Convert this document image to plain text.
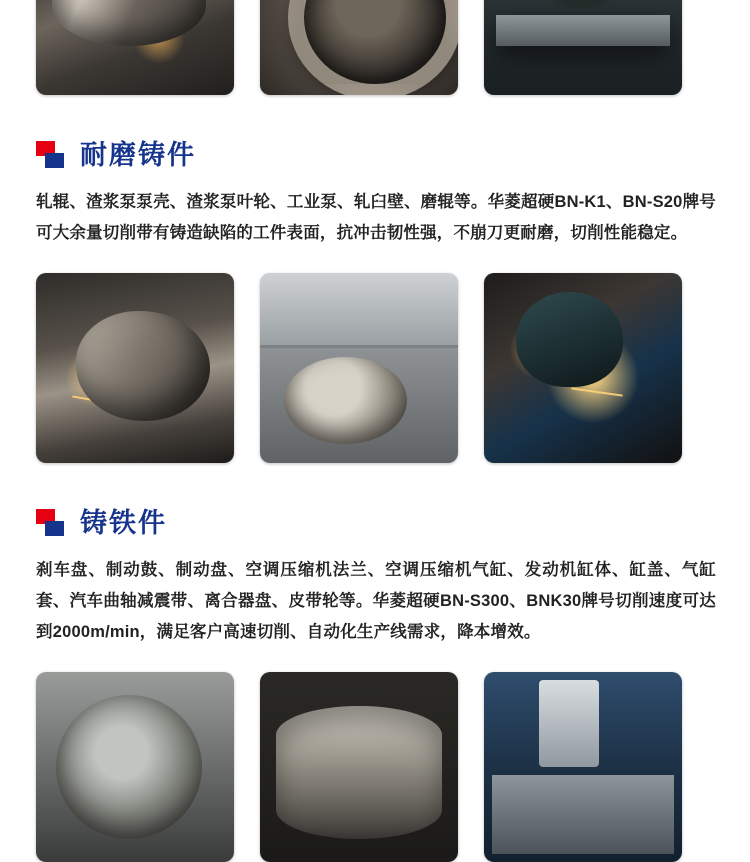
耐磨铸件

轧辊、渣浆泵泵壳、渣浆泵叶轮、工业泵、轧臼壁、磨辊等。华菱超硬BN-K1、BN-S20牌号可大余量切削带有铸造缺陷的工件表面，抗冲击韧性强，不崩刀更耐磨，切削性能稳定。

铸铁件

刹车盘、制动鼓、制动盘、空调压缩机法兰、空调压缩机气缸、发动机缸体、缸盖、气缸套、汽车曲轴减震带、离合器盘、皮带轮等。华菱超硬BN-S300、BNK30牌号切削速度可达到2000m/min，满足客户高速切削、自动化生产线需求，降本增效。
